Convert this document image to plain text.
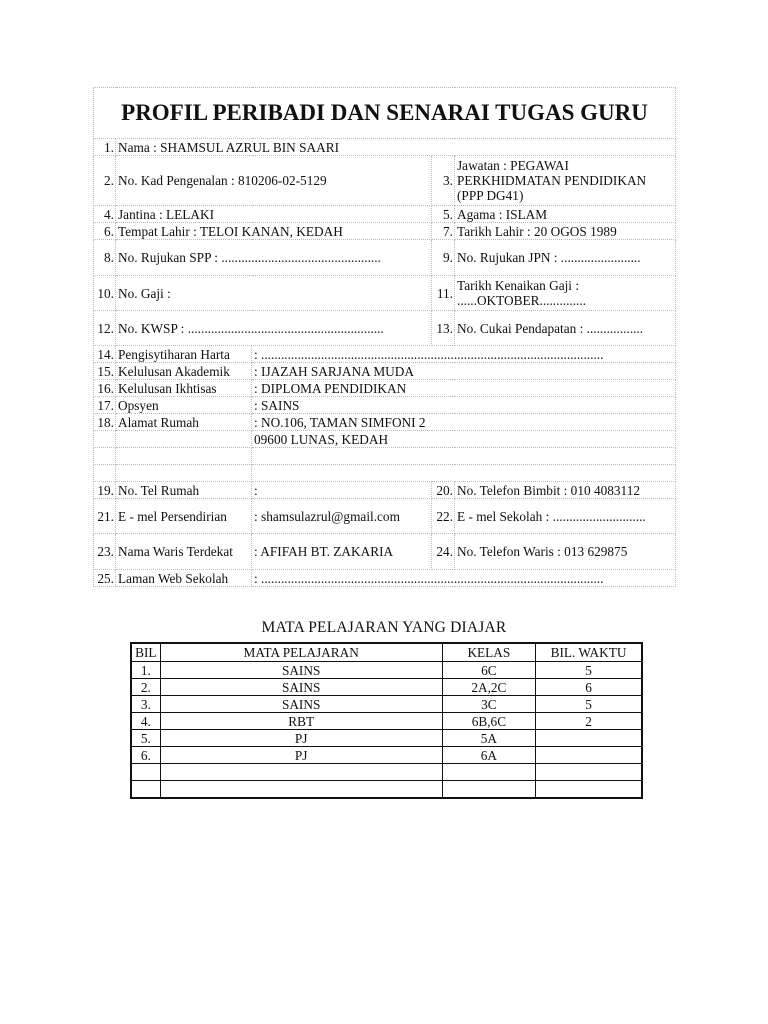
PROFIL PERIBADI DAN SENARAI TUGAS GURU				
1.	Nama : SHAMSUL AZRUL BIN SAARI			
2.	No. Kad Pengenalan : 810206-02-5129		3.	Jawatan : PEGAWAI PERKHIDMATAN PENDIDIKAN (PPP DG41)
4.	Jantina : LELAKI		5.	Agama : ISLAM
6.	Tempat Lahir : TELOI KANAN, KEDAH		7.	Tarikh Lahir : 20 OGOS 1989
8.	No. Rujukan SPP : ................................................		9.	No. Rujukan JPN : ........................
10.	No. Gaji :		11.	Tarikh Kenaikan Gaji : ......OKTOBER..............
12.	No. KWSP : ...........................................................		13.	No. Cukai Pendapatan : .................
14.	Pengisytiharan Harta	: .......................................................................................................		
15.	Kelulusan Akademik	: IJAZAH SARJANA MUDA		
16.	Kelulusan Ikhtisas	: DIPLOMA PENDIDIKAN		
17.	Opsyen	: SAINS		
18.	Alamat Rumah	: NO.106, TAMAN SIMFONI 2		
		09600 LUNAS, KEDAH		

19.	No. Tel Rumah	:	20.	No. Telefon Bimbit : 010 4083112
21.	E - mel Persendirian	: shamsulazrul@gmail.com	22.	E - mel Sekolah : ............................
23.	Nama Waris Terdekat	: AFIFAH BT. ZAKARIA	24.	No. Telefon Waris : 013 629875
25.	Laman Web Sekolah	: .......................................................................................................		
MATA PELAJARAN YANG DIAJAR
BIL	MATA PELAJARAN	KELAS	BIL. WAKTU
1.	SAINS	6C	5
2.	SAINS	2A,2C	6
3.	SAINS	3C	5
4.	RBT	6B,6C	2
5.	PJ	5A	
6.	PJ	6A	
